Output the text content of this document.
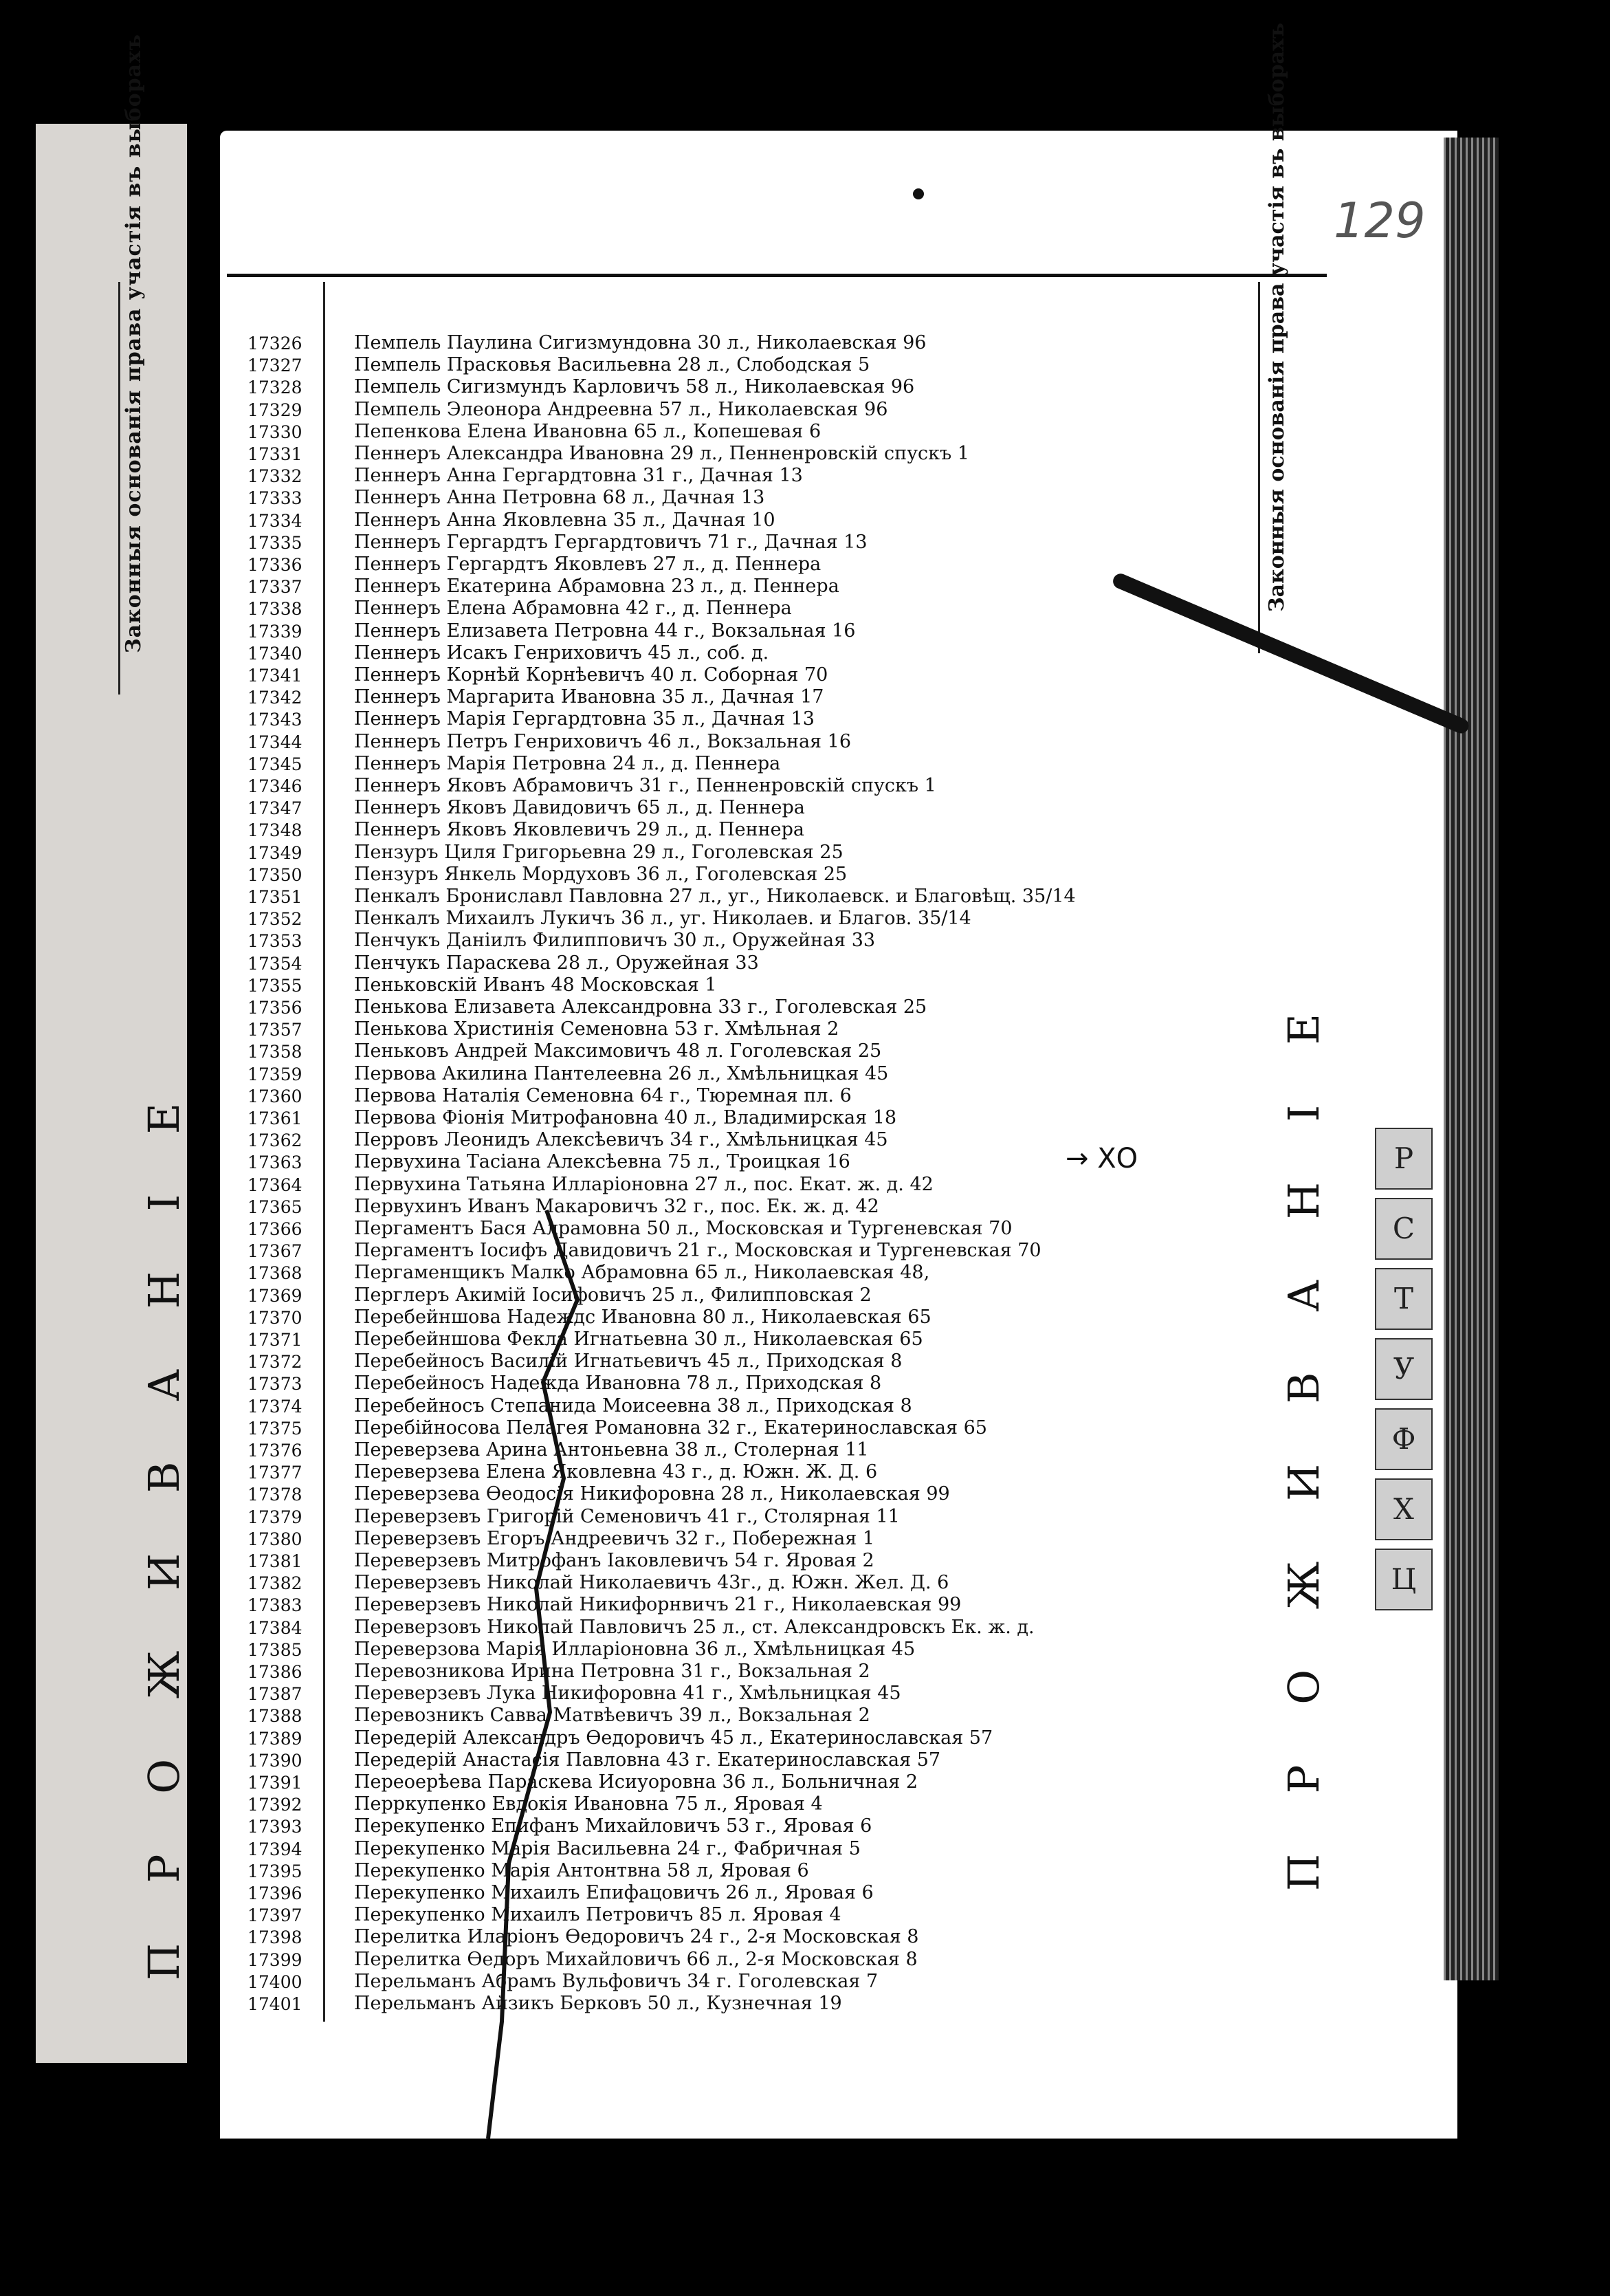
Законныя основанія права участія въ выборахъ
П Р О Ж И В А Н І Е
129
Законныя основанія права участія въ выборахъ
П Р О Ж И В А Н І Е
17326	Пемпель Паулина Сигизмундовна 30 л., Николаевская 96
17327	Пемпель Прасковья Васильевна 28 л., Слободская 5
17328	Пемпель Сигизмундъ Карловичъ 58 л., Николаевская 96
17329	Пемпель Элеонора Андреевна 57 л., Николаевская 96
17330	Пепенкова Елена Ивановна 65 л., Копешевая 6
17331	Пеннеръ Александра Ивановна 29 л., Пенненровскій спускъ 1
17332	Пеннеръ Анна Гергардтовна 31 г., Дачная 13
17333	Пеннеръ Анна Петровна 68 л., Дачная 13
17334	Пеннеръ Анна Яковлевна 35 л., Дачная 10
17335	Пеннеръ Гергардтъ Гергардтовичъ 71 г., Дачная 13
17336	Пеннеръ Гергардтъ Яковлевъ 27 л., д. Пеннера
17337	Пеннеръ Екатерина Абрамовна 23 л., д. Пеннера
17338	Пеннеръ Елена Абрамовна 42 г., д. Пеннера
17339	Пеннеръ Елизавета Петровна 44 г., Вокзальная 16
17340	Пеннеръ Исакъ Генриховичъ 45 л., соб. д.
17341	Пеннеръ Корнѣй Корнѣевичъ 40 л. Соборная 70
17342	Пеннеръ Маргарита Ивановна 35 л., Дачная 17
17343	Пеннеръ Марія Гергардтовна 35 л., Дачная 13
17344	Пеннеръ Петръ Генриховичъ 46 л., Вокзальная 16
17345	Пеннеръ Марія Петровна 24 л., д. Пеннера
17346	Пеннеръ Яковъ Абрамовичъ 31 г., Пенненровскій спускъ 1
17347	Пеннеръ Яковъ Давидовичъ 65 л., д. Пеннера
17348	Пеннеръ Яковъ Яковлевичъ 29 л., д. Пеннера
17349	Пензуръ Циля Григорьевна 29 л., Гоголевская 25
17350	Пензуръ Янкель Мордуховъ 36 л., Гоголевская 25
17351	Пенкалъ Брониславл Павловна 27 л., уг., Николаевск. и Благовѣщ. 35/14
17352	Пенкалъ Михаилъ Лукичъ 36 л., уг. Николаев. и Благов. 35/14
17353	Пенчукъ Даніилъ Филипповичъ 30 л., Оружейная 33
17354	Пенчукъ Параскева 28 л., Оружейная 33
17355	Пеньковскій Иванъ 48 Московская 1
17356	Пенькова Елизавета Александровна 33 г., Гоголевская 25
17357	Пенькова Христинія Семеновна 53 г. Хмѣльная 2
17358	Пеньковъ Андрей Максимовичъ 48 л. Гоголевская 25
17359	Первова Акилина Пантелеевна 26 л., Хмѣльницкая 45
17360	Первова Наталія Семеновна 64 г., Тюремная пл. 6
17361	Первова Фіонія Митрофановна 40 л., Владимирская 18
17362	Перровъ Леонидъ Алексѣевичъ 34 г., Хмѣльницкая 45
17363	Первухина Тасіана Алексѣевна 75 л., Троицкая 16
17364	Первухина Татьяна Илларіоновна 27 л., пос. Екат. ж. д. 42
17365	Первухинъ Иванъ Макаровичъ 32 г., пос. Ек. ж. д. 42
17366	Пергаментъ Бася Алрамовна 50 л., Московская и Тургеневская 70
17367	Пергаментъ Іосифъ Давидовичъ 21 г., Московская и Тургеневская 70
17368	Пергаменщикъ Малко Абрамовна 65 л., Николаевская 48,
17369	Перглеръ Акимій Іосифовичъ 25 л., Филипповская 2
17370	Перебейншова Надеждс Ивановна 80 л., Николаевская 65
17371	Перебейншова Фекла Игнатьевна 30 л., Николаевская 65
17372	Перебейносъ Василій Игнатьевичъ 45 л., Приходская 8
17373	Перебейносъ Надежда Ивановна 78 л., Приходская 8
17374	Перебейносъ Степанида Моисеевна 38 л., Приходская 8
17375	Перебійносова Пелагея Романовна 32 г., Екатеринославская 65
17376	Переверзева Арина Антоньевна 38 л., Столерная 11
17377	Переверзева Елена Яковлевна 43 г., д. Южн. Ж. Д. 6
17378	Переверзева Ѳеодосія Никифоровна 28 л., Николаевская 99
17379	Переверзевъ Григорій Семеновичъ 41 г., Столярная 11
17380	Переверзевъ Егоръ Андреевичъ 32 г., Побережная 1
17381	Переверзевъ Митрофанъ Іаковлевичъ 54 г. Яровая 2
17382	Переверзевъ Николай Николаевичъ 43г., д. Южн. Жел. Д. 6
17383	Переверзевъ Николай Никифорнвичъ 21 г., Николаевская 99
17384	Переверзовъ Николай Павловичъ 25 л., ст. Александровскъ Ек. ж. д.
17385	Переверзова Марія Илларіоновна 36 л., Хмѣльницкая 45
17386	Перевозникова Ирина Петровна 31 г., Вокзальная 2
17387	Переверзевъ Лука Никифоровна 41 г., Хмѣльницкая 45
17388	Перевозникъ Савва Матвѣевичъ 39 л., Вокзальная 2
17389	Передерій Александръ Ѳедоровичъ 45 л., Екатеринославская 57
17390	Передерій Анастасія Павловна 43 г. Екатеринославская 57
17391	Переоерѣева Параскева Исиуоровна 36 л., Больничная 2
17392	Перркупенко Евдокія Ивановна 75 л., Яровая 4
17393	Перекупенко Епифанъ Михайловичъ 53 г., Яровая 6
17394	Перекупенко Марія Васильевна 24 г., Фабричная 5
17395	Перекупенко Марія Антонтвна 58 л, Яровая 6
17396	Перекупенко Михаилъ Епифацовичъ 26 л., Яровая 6
17397	Перекупенко Михаилъ Петровичъ 85 л. Яровая 4
17398	Перелитка Иларіонъ Ѳедоровичъ 24 г., 2-я Московская 8
17399	Перелитка Ѳедоръ Михайловичъ 66 л., 2-я Московская 8
17400	Перельманъ Абрамъ Вульфовичъ 34 г. Гоголевская 7
17401	Перельманъ Айзикъ Берковъ 50 л., Кузнечная 19
→ ХО	Р
С
Т
У
Ф
Х
Ц
